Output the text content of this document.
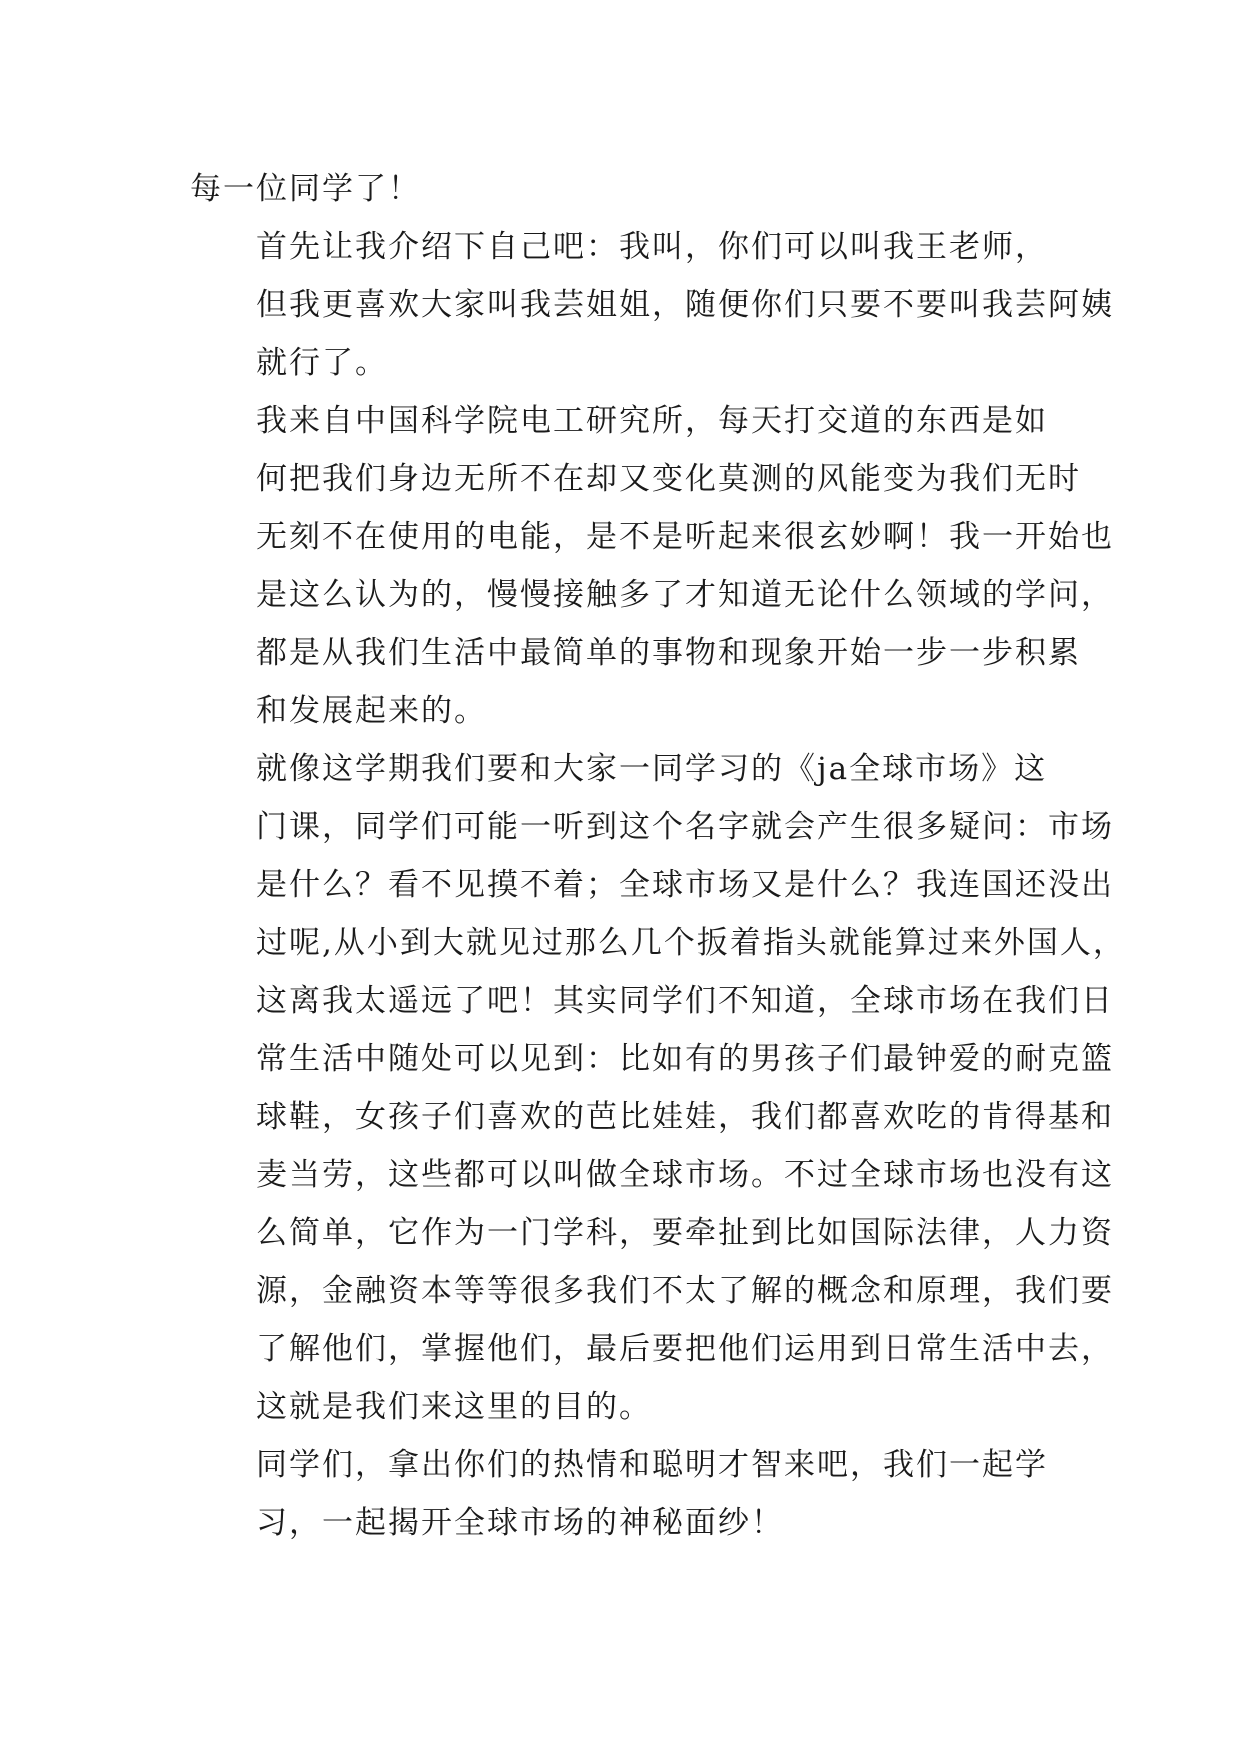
每一位同学了！

首先让我介绍下自己吧：我叫，你们可以叫我王老师，
但我更喜欢大家叫我芸姐姐，随便你们只要不要叫我芸阿姨
就行了。

我来自中国科学院电工研究所，每天打交道的东西是如
何把我们身边无所不在却又变化莫测的风能变为我们无时
无刻不在使用的电能，是不是听起来很玄妙啊！我一开始也
是这么认为的，慢慢接触多了才知道无论什么领域的学问，
都是从我们生活中最简单的事物和现象开始一步一步积累
和发展起来的。

就像这学期我们要和大家一同学习的《ja全球市场》这
门课，同学们可能一听到这个名字就会产生很多疑问：市场
是什么？看不见摸不着；全球市场又是什么？我连国还没出
过呢,从小到大就见过那么几个扳着指头就能算过来外国人，
这离我太遥远了吧！其实同学们不知道，全球市场在我们日
常生活中随处可以见到：比如有的男孩子们最钟爱的耐克篮
球鞋，女孩子们喜欢的芭比娃娃，我们都喜欢吃的肯得基和
麦当劳，这些都可以叫做全球市场。不过全球市场也没有这
么简单，它作为一门学科，要牵扯到比如国际法律，人力资
源，金融资本等等很多我们不太了解的概念和原理，我们要
了解他们，掌握他们，最后要把他们运用到日常生活中去，
这就是我们来这里的目的。

同学们，拿出你们的热情和聪明才智来吧，我们一起学
习，一起揭开全球市场的神秘面纱！
